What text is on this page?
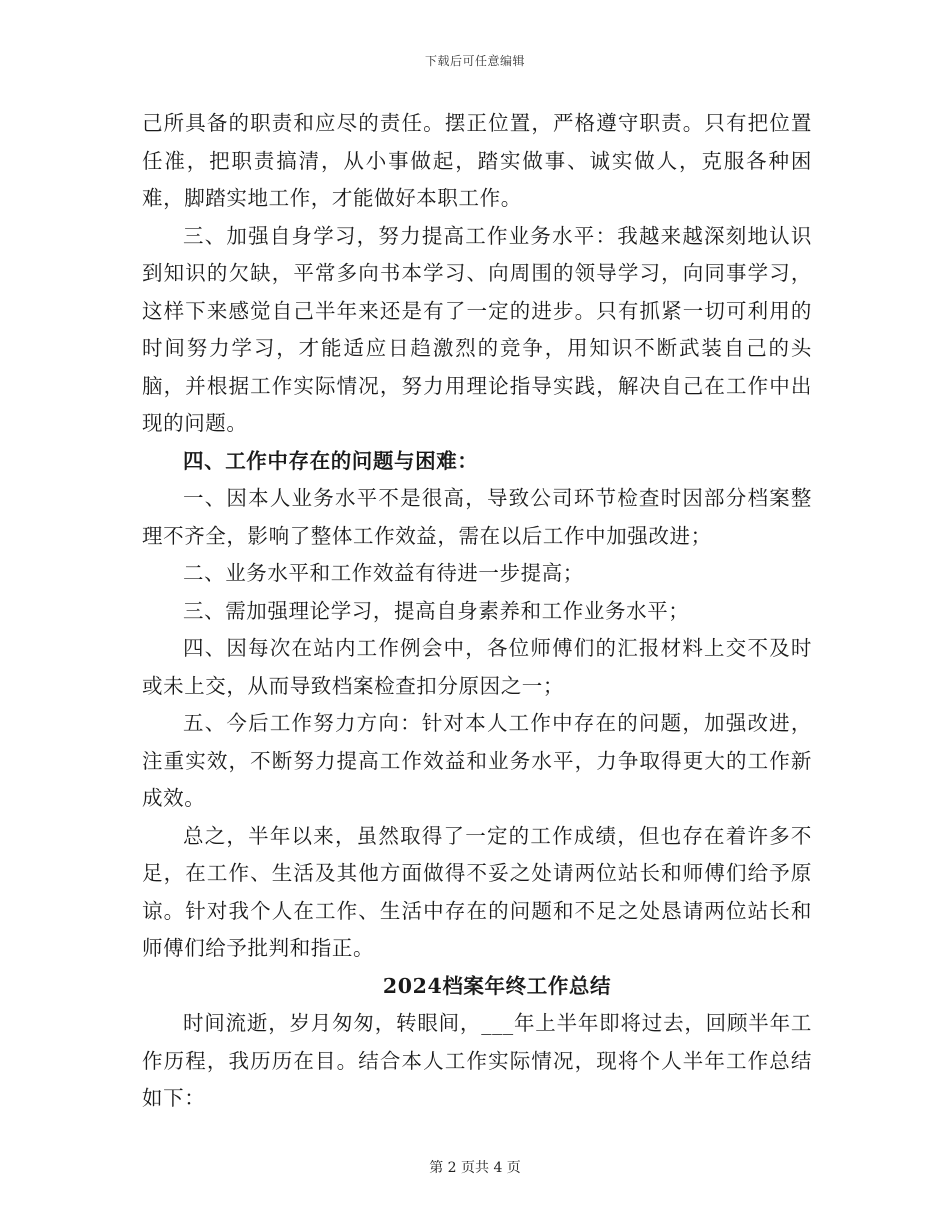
下载后可任意编辑

己所具备的职责和应尽的责任。摆正位置，严格遵守职责。只有把位置任准，把职责搞清，从小事做起，踏实做事、诚实做人，克服各种困难，脚踏实地工作，才能做好本职工作。

三、加强自身学习，努力提高工作业务水平：我越来越深刻地认识到知识的欠缺，平常多向书本学习、向周围的领导学习，向同事学习，这样下来感觉自己半年来还是有了一定的进步。只有抓紧一切可利用的时间努力学习，才能适应日趋激烈的竞争，用知识不断武装自己的头脑，并根据工作实际情况，努力用理论指导实践，解决自己在工作中出现的问题。

四、工作中存在的问题与困难：

一、因本人业务水平不是很高，导致公司环节检查时因部分档案整理不齐全，影响了整体工作效益，需在以后工作中加强改进；

二、业务水平和工作效益有待进一步提高；

三、需加强理论学习，提高自身素养和工作业务水平；

四、因每次在站内工作例会中，各位师傅们的汇报材料上交不及时或未上交，从而导致档案检查扣分原因之一；

五、今后工作努力方向：针对本人工作中存在的问题，加强改进，注重实效，不断努力提高工作效益和业务水平，力争取得更大的工作新成效。

总之，半年以来，虽然取得了一定的工作成绩，但也存在着许多不足，在工作、生活及其他方面做得不妥之处请两位站长和师傅们给予原谅。针对我个人在工作、生活中存在的问题和不足之处恳请两位站长和师傅们给予批判和指正。

2024档案年终工作总结

时间流逝，岁月匆匆，转眼间，___年上半年即将过去，回顾半年工作历程，我历历在目。结合本人工作实际情况，现将个人半年工作总结如下：

第 2 页共 4 页
